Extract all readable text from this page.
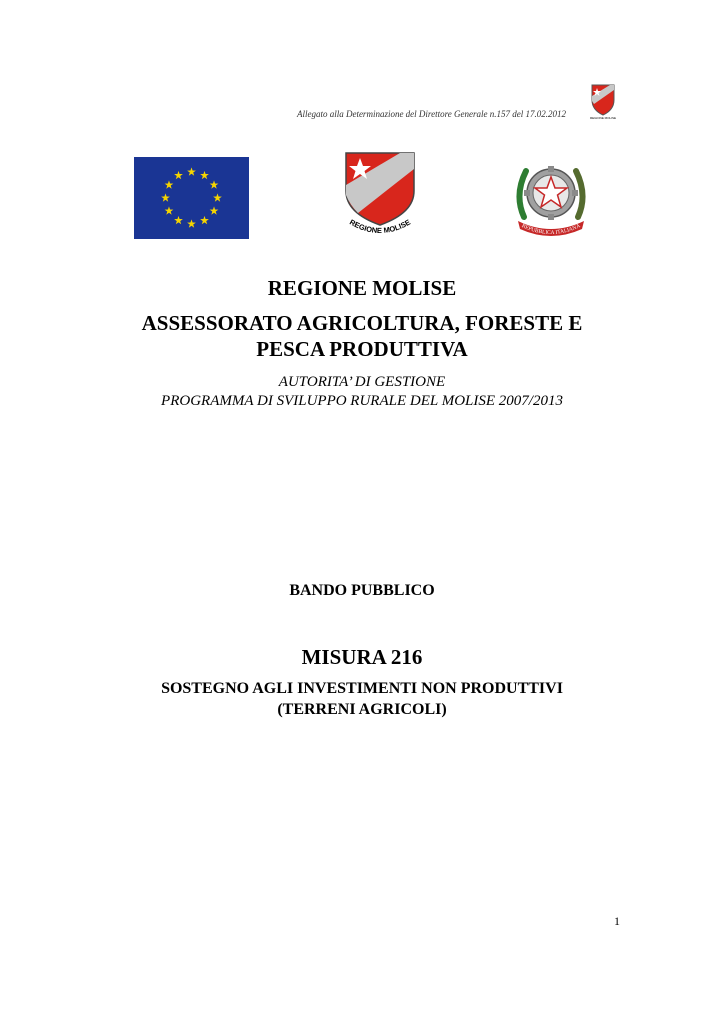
Allegato alla Determinazione del Direttore Generale n.157 del 17.02.2012	REGIONE MOLISE
REGIONE MOLISE	REPUBBLICA ITALIANA
REGIONE MOLISE
ASSESSORATO AGRICOLTURA, FORESTE E
PESCA PRODUTTIVA
AUTORITA’ DI GESTIONE
PROGRAMMA DI SVILUPPO RURALE DEL MOLISE 2007/2013
BANDO PUBBLICO
MISURA 216
SOSTEGNO AGLI INVESTIMENTI NON PRODUTTIVI
(TERRENI AGRICOLI)
1
